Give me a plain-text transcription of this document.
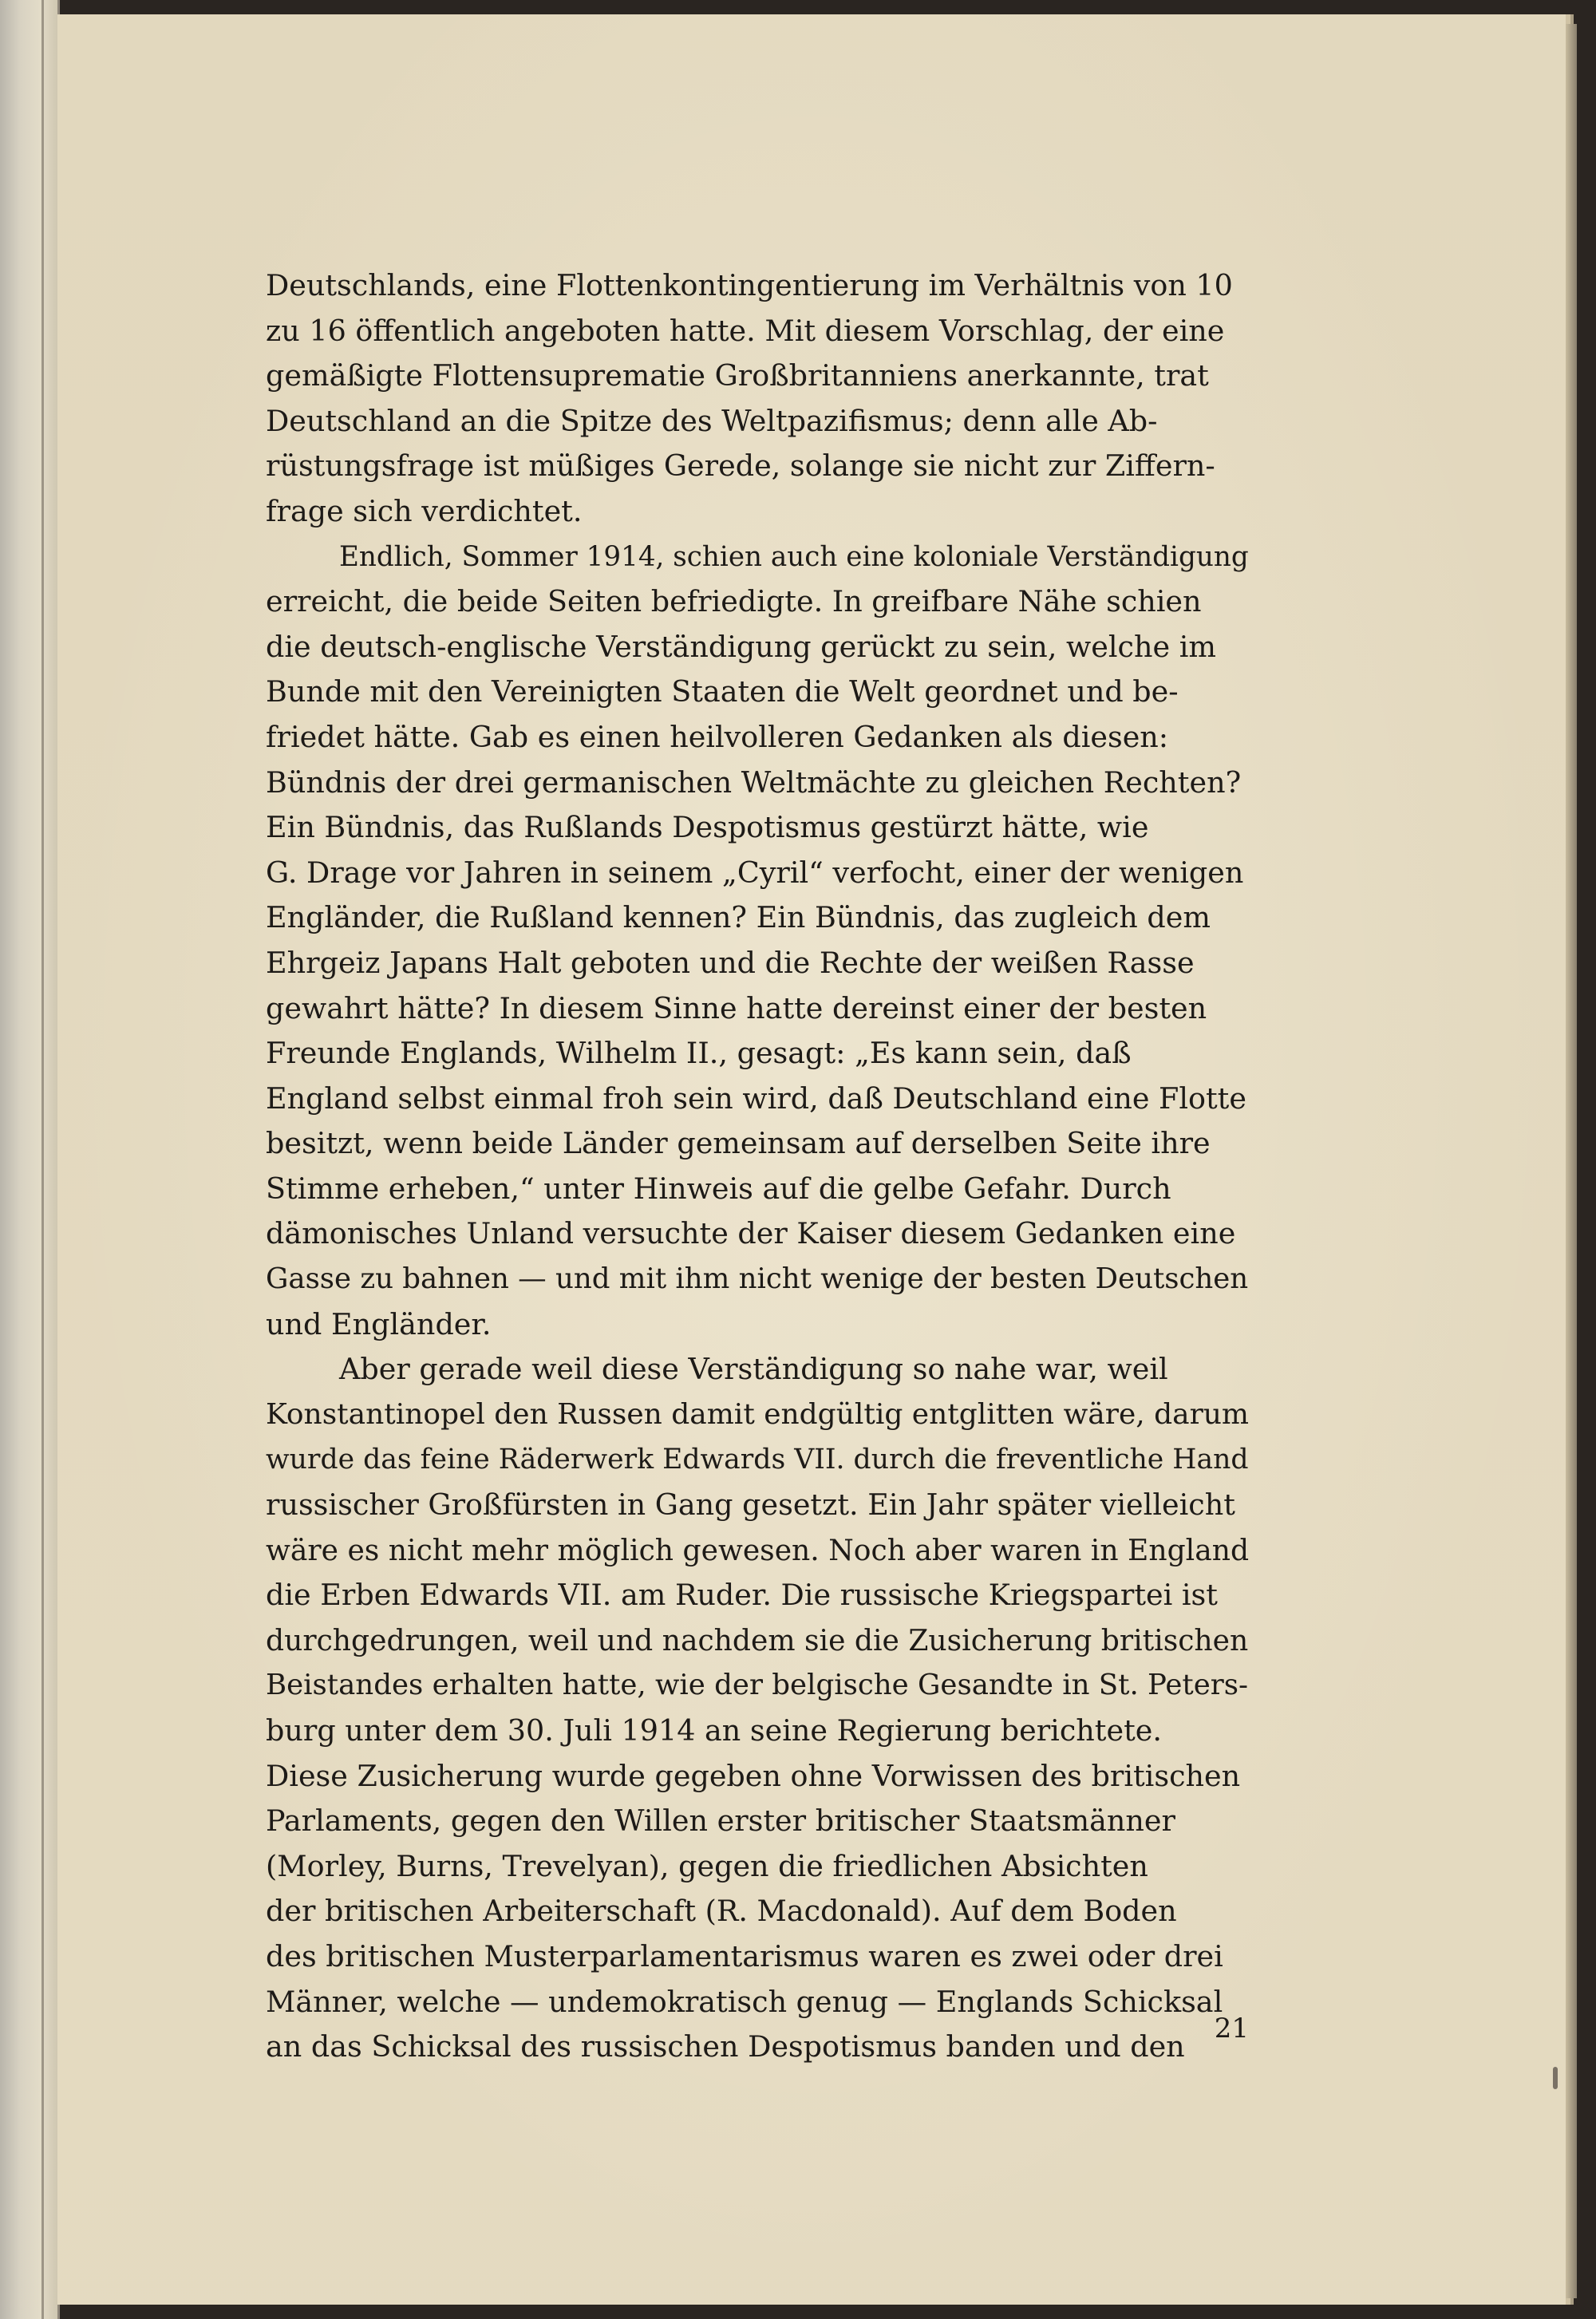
Deutschlands, eine Flottenkontingentierung im Verhältnis von 10
zu 16 öffentlich angeboten hatte. Mit diesem Vorschlag, der eine
gemäßigte Flottensuprematie Großbritanniens anerkannte, trat
Deutschland an die Spitze des Weltpazifismus; denn alle Ab-
rüstungsfrage ist müßiges Gerede, solange sie nicht zur Ziffern-
frage sich verdichtet.
Endlich, Sommer 1914, schien auch eine koloniale Verständigung
erreicht, die beide Seiten befriedigte. In greifbare Nähe schien
die deutsch-englische Verständigung gerückt zu sein, welche im
Bunde mit den Vereinigten Staaten die Welt geordnet und be-
friedet hätte. Gab es einen heilvolleren Gedanken als diesen:
Bündnis der drei germanischen Weltmächte zu gleichen Rechten?
Ein Bündnis, das Rußlands Despotismus gestürzt hätte, wie
G. Drage vor Jahren in seinem „Cyril“ verfocht, einer der wenigen
Engländer, die Rußland kennen? Ein Bündnis, das zugleich dem
Ehrgeiz Japans Halt geboten und die Rechte der weißen Rasse
gewahrt hätte? In diesem Sinne hatte dereinst einer der besten
Freunde Englands, Wilhelm II., gesagt: „Es kann sein, daß
England selbst einmal froh sein wird, daß Deutschland eine Flotte
besitzt, wenn beide Länder gemeinsam auf derselben Seite ihre
Stimme erheben,“ unter Hinweis auf die gelbe Gefahr. Durch
dämonisches Unland versuchte der Kaiser diesem Gedanken eine
Gasse zu bahnen — und mit ihm nicht wenige der besten Deutschen
und Engländer.
Aber gerade weil diese Verständigung so nahe war, weil
Konstantinopel den Russen damit endgültig entglitten wäre, darum
wurde das feine Räderwerk Edwards VII. durch die freventliche Hand
russischer Großfürsten in Gang gesetzt. Ein Jahr später vielleicht
wäre es nicht mehr möglich gewesen. Noch aber waren in England
die Erben Edwards VII. am Ruder. Die russische Kriegspartei ist
durchgedrungen, weil und nachdem sie die Zusicherung britischen
Beistandes erhalten hatte, wie der belgische Gesandte in St. Peters-
burg unter dem 30. Juli 1914 an seine Regierung berichtete.
Diese Zusicherung wurde gegeben ohne Vorwissen des britischen
Parlaments, gegen den Willen erster britischer Staatsmänner
(Morley, Burns, Trevelyan), gegen die friedlichen Absichten
der britischen Arbeiterschaft (R. Macdonald). Auf dem Boden
des britischen Musterparlamentarismus waren es zwei oder drei
Männer, welche — undemokratisch genug — Englands Schicksal
an das Schicksal des russischen Despotismus banden und den
21
